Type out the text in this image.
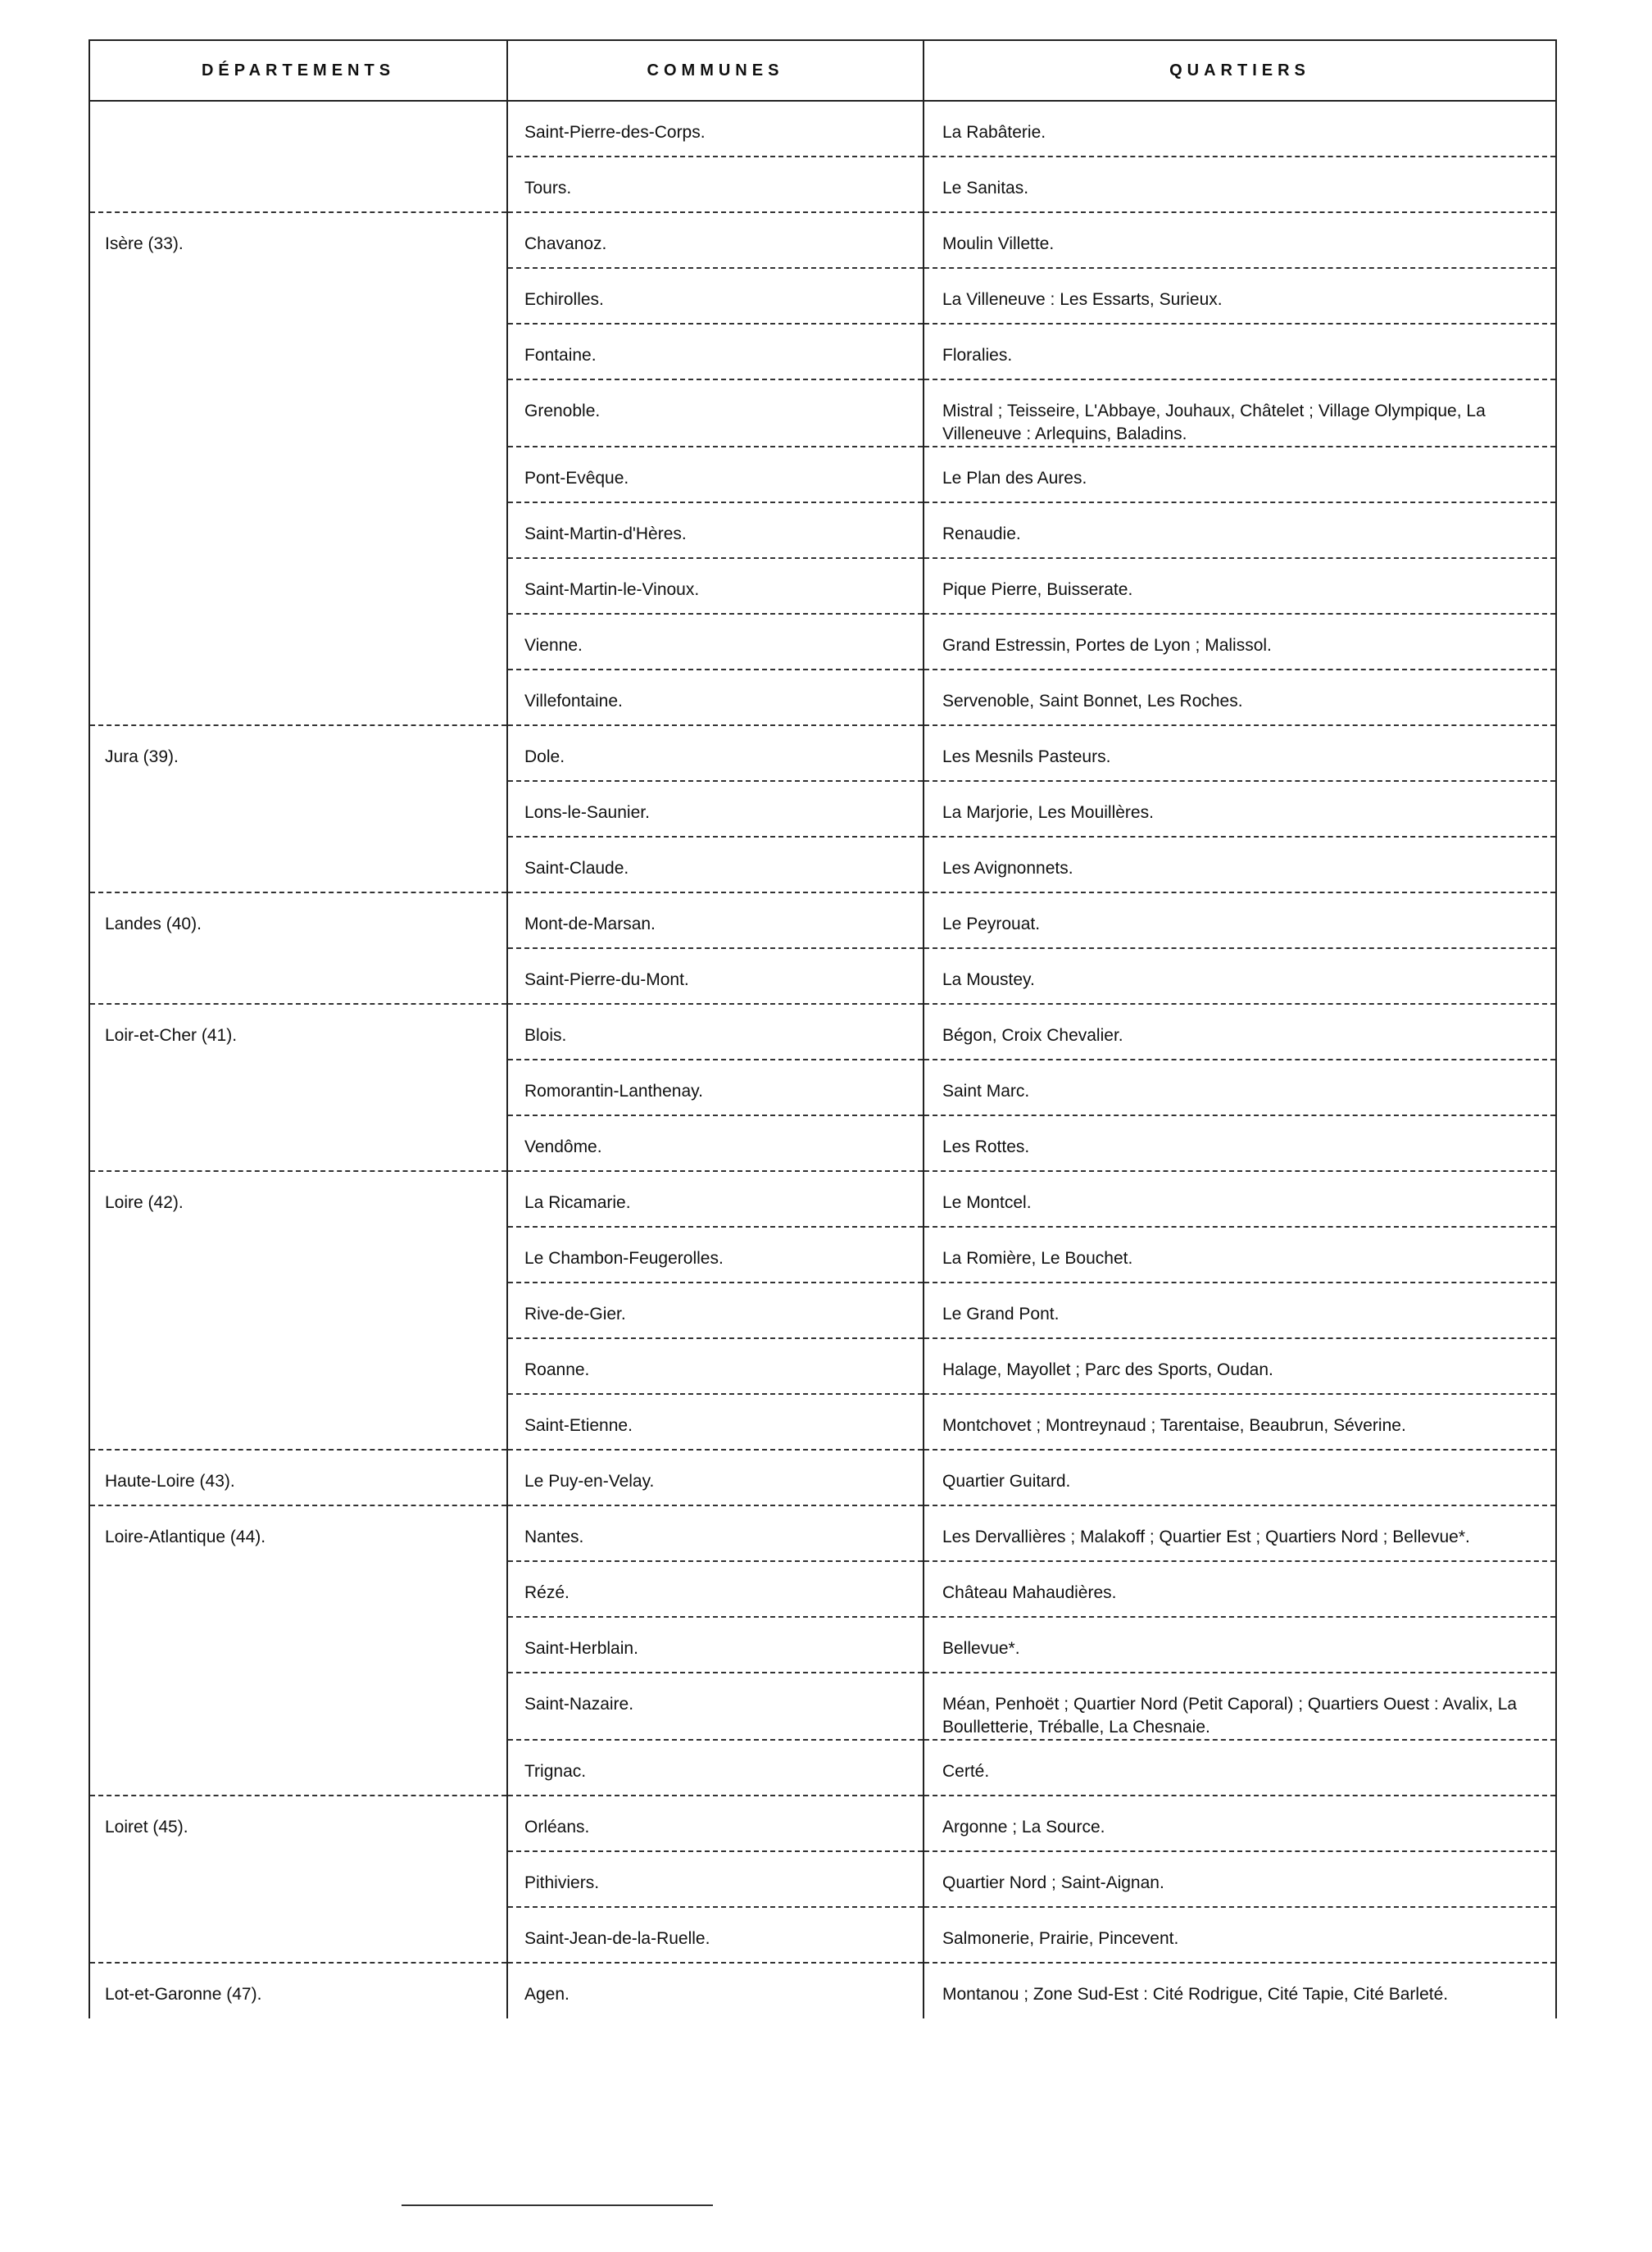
DÉPARTEMENTS	COMMUNES	QUARTIERS

	Saint-Pierre-des-Corps.	La Rabâterie.

	Tours.	Le Sanitas.

Isère (33).	Chavanoz.	Moulin Villette.

	Echirolles.	La Villeneuve : Les Essarts, Surieux.

	Fontaine.	Floralies.

	Grenoble.	Mistral ; Teisseire, L'Abbaye, Jouhaux, Châtelet ; Village Olympique, La Villeneuve : Arlequins, Baladins.

	Pont-Evêque.	Le Plan des Aures.

	Saint-Martin-d'Hères.	Renaudie.

	Saint-Martin-le-Vinoux.	Pique Pierre, Buisserate.

	Vienne.	Grand Estressin, Portes de Lyon ; Malissol.

	Villefontaine.	Servenoble, Saint Bonnet, Les Roches.

Jura (39).	Dole.	Les Mesnils Pasteurs.

	Lons-le-Saunier.	La Marjorie, Les Mouillères.

	Saint-Claude.	Les Avignonnets.

Landes (40).	Mont-de-Marsan.	Le Peyrouat.

	Saint-Pierre-du-Mont.	La Moustey.

Loir-et-Cher (41).	Blois.	Bégon, Croix Chevalier.

	Romorantin-Lanthenay.	Saint Marc.

	Vendôme.	Les Rottes.

Loire (42).	La Ricamarie.	Le Montcel.

	Le Chambon-Feugerolles.	La Romière, Le Bouchet.

	Rive-de-Gier.	Le Grand Pont.

	Roanne.	Halage, Mayollet ; Parc des Sports, Oudan.

	Saint-Etienne.	Montchovet ; Montreynaud ; Tarentaise, Beaubrun, Séverine.

Haute-Loire (43).	Le Puy-en-Velay.	Quartier Guitard.

Loire-Atlantique (44).	Nantes.	Les Dervallières ; Malakoff ; Quartier Est ; Quartiers Nord ; Bellevue*.

	Rézé.	Château Mahaudières.

	Saint-Herblain.	Bellevue*.

	Saint-Nazaire.	Méan, Penhoët ; Quartier Nord (Petit Caporal) ; Quartiers Ouest : Avalix, La Boulletterie, Tréballe, La Chesnaie.

	Trignac.	Certé.

Loiret (45).	Orléans.	Argonne ; La Source.

	Pithiviers.	Quartier Nord ; Saint-Aignan.

	Saint-Jean-de-la-Ruelle.	Salmonerie, Prairie, Pincevent.

Lot-et-Garonne (47).	Agen.	Montanou ; Zone Sud-Est : Cité Rodrigue, Cité Tapie, Cité Barleté.
